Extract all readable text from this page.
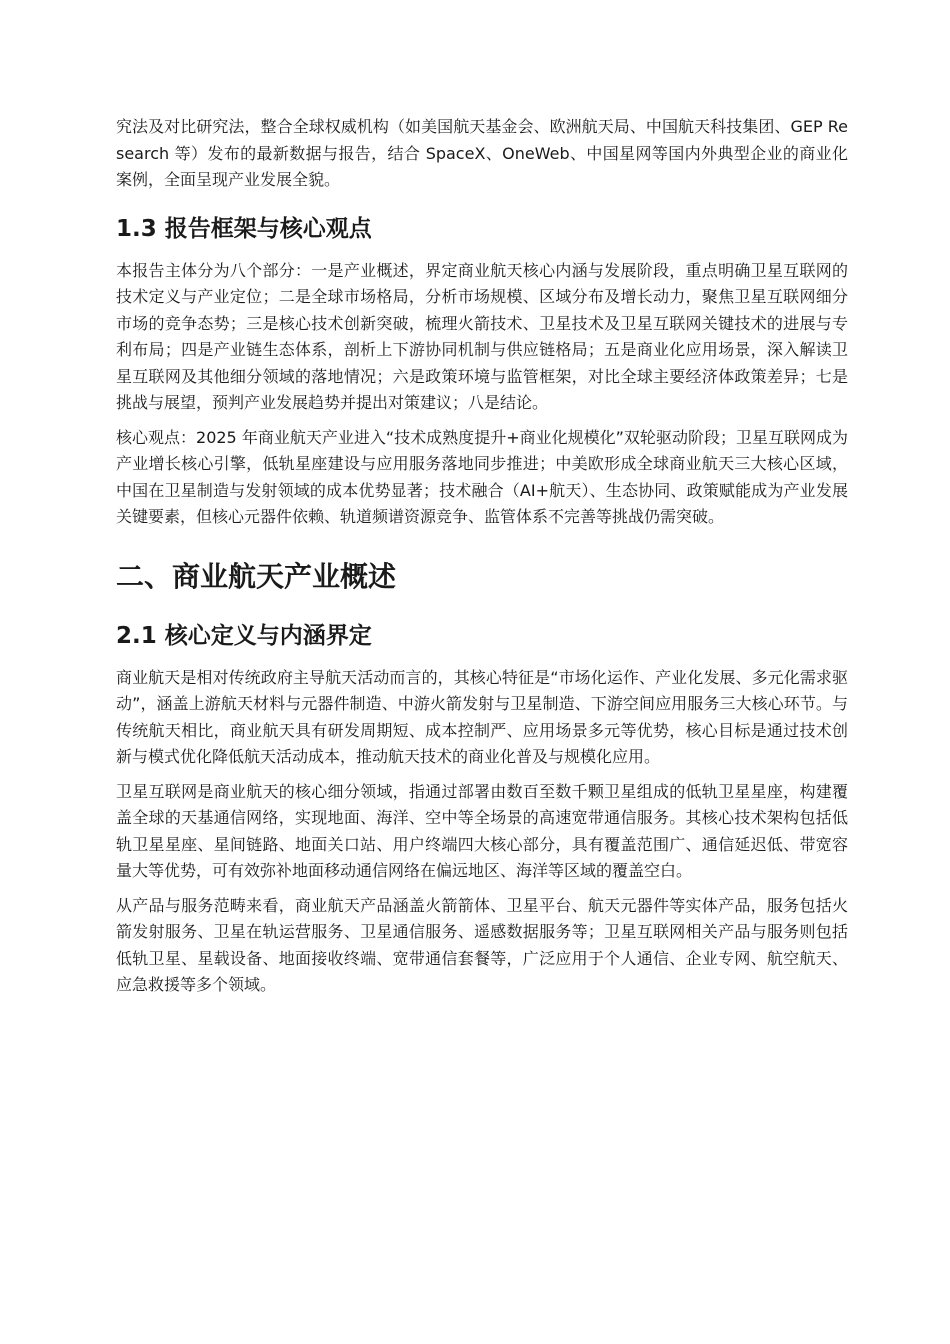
究法及对比研究法，整合全球权威机构（如美国航天基金会、欧洲航天局、中国航天科技集团、GEP Research 等）发布的最新数据与报告，结合 SpaceX、OneWeb、中国星网等国内外典型企业的商业化案例，全面呈现产业发展全貌。

1.3 报告框架与核心观点

本报告主体分为八个部分：一是产业概述，界定商业航天核心内涵与发展阶段，重点明确卫星互联网的技术定义与产业定位；二是全球市场格局，分析市场规模、区域分布及增长动力，聚焦卫星互联网细分市场的竞争态势；三是核心技术创新突破，梳理火箭技术、卫星技术及卫星互联网关键技术的进展与专利布局；四是产业链生态体系，剖析上下游协同机制与供应链格局；五是商业化应用场景，深入解读卫星互联网及其他细分领域的落地情况；六是政策环境与监管框架，对比全球主要经济体政策差异；七是挑战与展望，预判产业发展趋势并提出对策建议；八是结论。

核心观点：2025 年商业航天产业进入“技术成熟度提升+商业化规模化”双轮驱动阶段；卫星互联网成为产业增长核心引擎，低轨星座建设与应用服务落地同步推进；中美欧形成全球商业航天三大核心区域，中国在卫星制造与发射领域的成本优势显著；技术融合（AI+航天）、生态协同、政策赋能成为产业发展关键要素，但核心元器件依赖、轨道频谱资源竞争、监管体系不完善等挑战仍需突破。

二、商业航天产业概述
2.1 核心定义与内涵界定

商业航天是相对传统政府主导航天活动而言的，其核心特征是“市场化运作、产业化发展、多元化需求驱动”，涵盖上游航天材料与元器件制造、中游火箭发射与卫星制造、下游空间应用服务三大核心环节。与传统航天相比，商业航天具有研发周期短、成本控制严、应用场景多元等优势，核心目标是通过技术创新与模式优化降低航天活动成本，推动航天技术的商业化普及与规模化应用。

卫星互联网是商业航天的核心细分领域，指通过部署由数百至数千颗卫星组成的低轨卫星星座，构建覆盖全球的天基通信网络，实现地面、海洋、空中等全场景的高速宽带通信服务。其核心技术架构包括低轨卫星星座、星间链路、地面关口站、用户终端四大核心部分，具有覆盖范围广、通信延迟低、带宽容量大等优势，可有效弥补地面移动通信网络在偏远地区、海洋等区域的覆盖空白。

从产品与服务范畴来看，商业航天产品涵盖火箭箭体、卫星平台、航天元器件等实体产品，服务包括火箭发射服务、卫星在轨运营服务、卫星通信服务、遥感数据服务等；卫星互联网相关产品与服务则包括低轨卫星、星载设备、地面接收终端、宽带通信套餐等，广泛应用于个人通信、企业专网、航空航天、应急救援等多个领域。
